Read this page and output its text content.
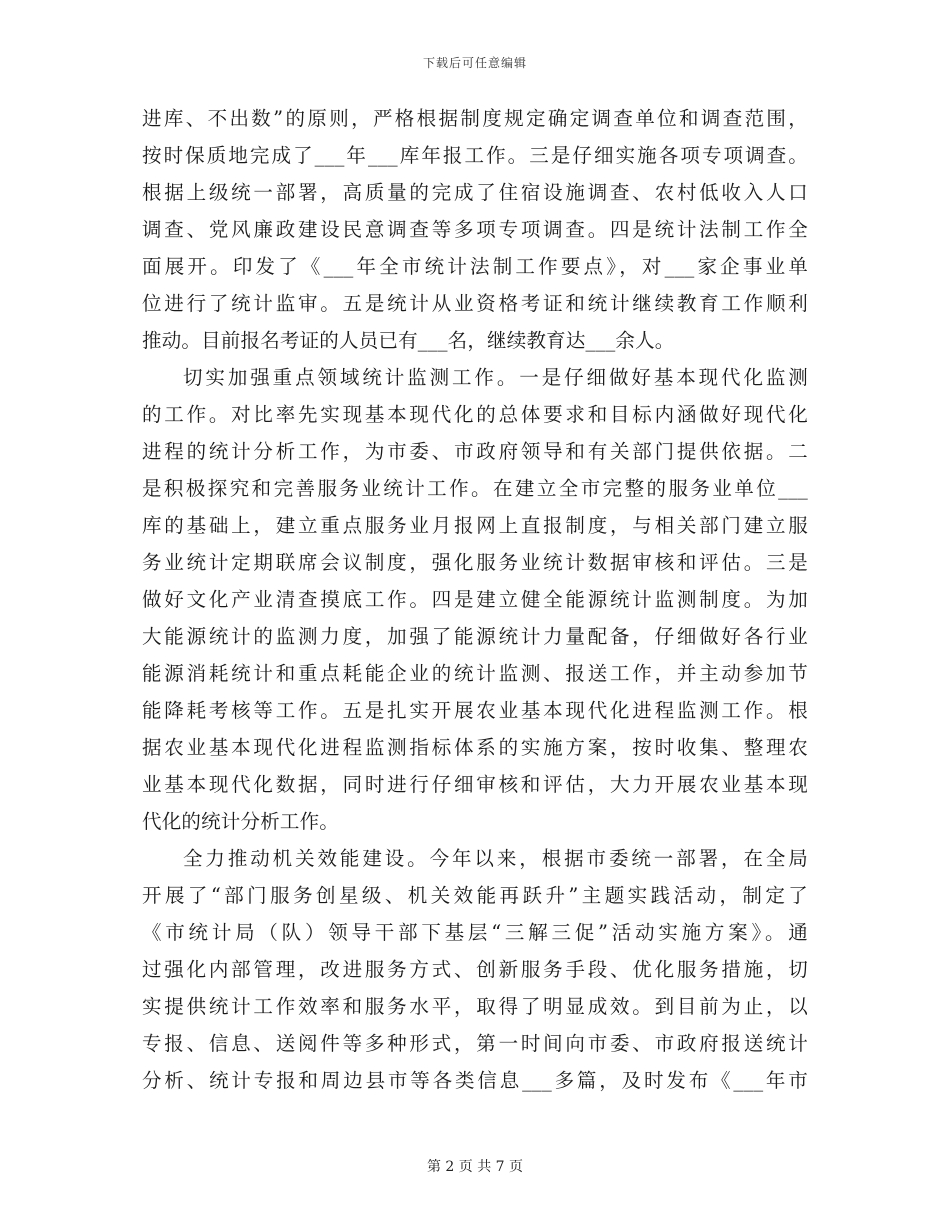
下载后可任意编辑
进库、不出数”的原则，严格根据制度规定确定调查单位和调查范围，
按时保质地完成了___年___库年报工作。三是仔细实施各项专项调查。
根据上级统一部署，高质量的完成了住宿设施调查、农村低收入人口
调查、党风廉政建设民意调查等多项专项调查。四是统计法制工作全
面展开。印发了《___年全市统计法制工作要点》，对___家企事业单
位进行了统计监审。五是统计从业资格考证和统计继续教育工作顺利
推动。目前报名考证的人员已有___名，继续教育达___余人。
切实加强重点领域统计监测工作。一是仔细做好基本现代化监测
的工作。对比率先实现基本现代化的总体要求和目标内涵做好现代化
进程的统计分析工作，为市委、市政府领导和有关部门提供依据。二
是积极探究和完善服务业统计工作。在建立全市完整的服务业单位___
库的基础上，建立重点服务业月报网上直报制度，与相关部门建立服
务业统计定期联席会议制度，强化服务业统计数据审核和评估。三是
做好文化产业清查摸底工作。四是建立健全能源统计监测制度。为加
大能源统计的监测力度，加强了能源统计力量配备，仔细做好各行业
能源消耗统计和重点耗能企业的统计监测、报送工作，并主动参加节
能降耗考核等工作。五是扎实开展农业基本现代化进程监测工作。根
据农业基本现代化进程监测指标体系的实施方案，按时收集、整理农
业基本现代化数据，同时进行仔细审核和评估，大力开展农业基本现
代化的统计分析工作。
全力推动机关效能建设。今年以来，根据市委统一部署，在全局
开展了“部门服务创星级、机关效能再跃升”主题实践活动，制定了
《市统计局（队）领导干部下基层“三解三促”活动实施方案》。通
过强化内部管理，改进服务方式、创新服务手段、优化服务措施，切
实提供统计工作效率和服务水平，取得了明显成效。到目前为止，以
专报、信息、送阅件等多种形式，第一时间向市委、市政府报送统计
分析、统计专报和周边县市等各类信息___多篇，及时发布《___年市
第 2 页 共 7 页
